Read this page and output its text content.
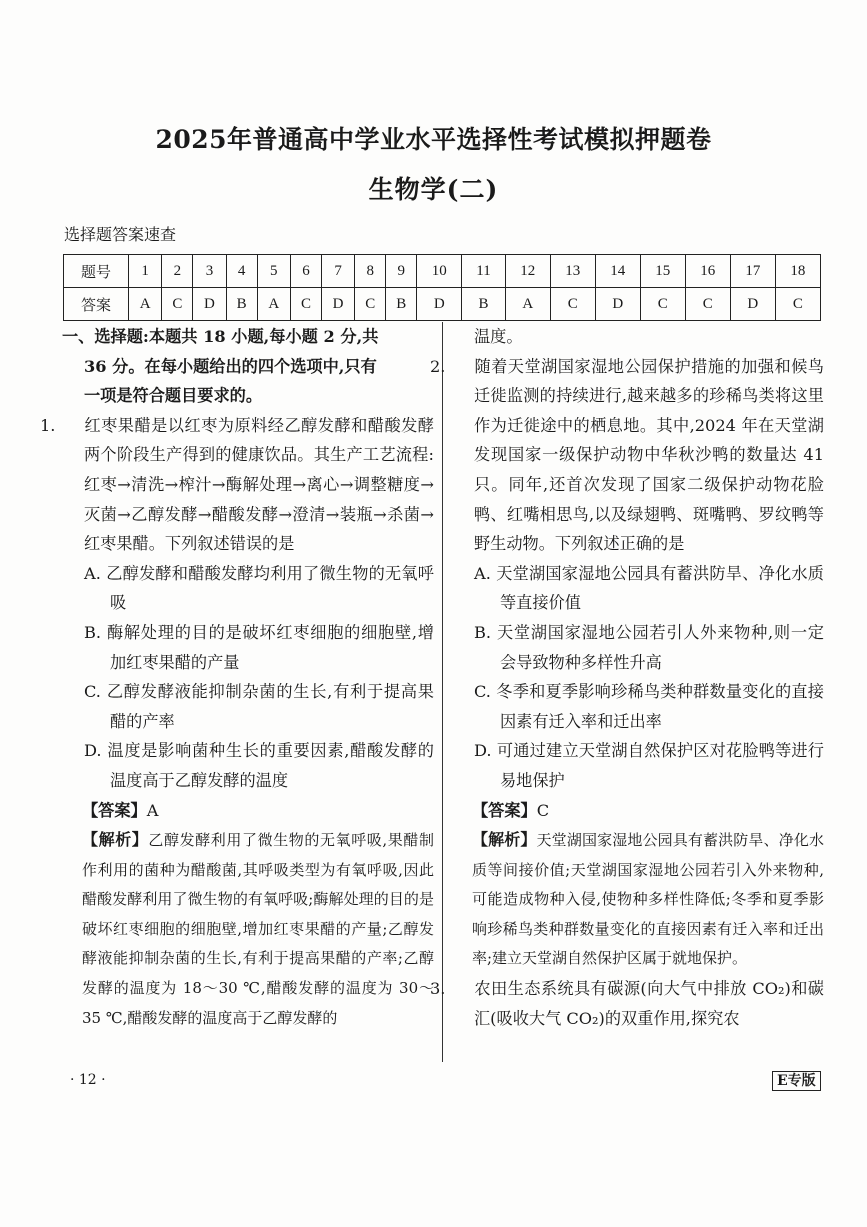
2025年普通高中学业水平选择性考试模拟押题卷
生物学(二)
选择题答案速查
题号	1	2	3	4	5	6	7	8	9	10	11	12	13	14	15	16	17	18
答案	A	C	D	B	A	C	D	C	B	D	B	A	C	D	C	C	D	C
一、选择题:本题共 18 小题,每小题 2 分,共
36 分。在每小题给出的四个选项中,只有
一项是符合题目要求的。
1. 红枣果醋是以红枣为原料经乙醇发酵和醋酸发酵两个阶段生产得到的健康饮品。其生产工艺流程:红枣→清洗→榨汁→酶解处理→离心→调整糖度→灭菌→乙醇发酵→醋酸发酵→澄清→装瓶→杀菌→红枣果醋。下列叙述错误的是
A. 乙醇发酵和醋酸发酵均利用了微生物的无氧呼吸
B. 酶解处理的目的是破坏红枣细胞的细胞壁,增加红枣果醋的产量
C. 乙醇发酵液能抑制杂菌的生长,有利于提高果醋的产率
D. 温度是影响菌种生长的重要因素,醋酸发酵的温度高于乙醇发酵的温度
【答案】A
【解析】乙醇发酵利用了微生物的无氧呼吸,果醋制作利用的菌种为醋酸菌,其呼吸类型为有氧呼吸,因此醋酸发酵利用了微生物的有氧呼吸;酶解处理的目的是破坏红枣细胞的细胞壁,增加红枣果醋的产量;乙醇发酵液能抑制杂菌的生长,有利于提高果醋的产率;乙醇发酵的温度为 18～30 ℃,醋酸发酵的温度为 30～35 ℃,醋酸发酵的温度高于乙醇发酵的
温度。
2. 随着天堂湖国家湿地公园保护措施的加强和候鸟迁徙监测的持续进行,越来越多的珍稀鸟类将这里作为迁徙途中的栖息地。其中,2024 年在天堂湖发现国家一级保护动物中华秋沙鸭的数量达 41 只。同年,还首次发现了国家二级保护动物花脸鸭、红嘴相思鸟,以及绿翅鸭、斑嘴鸭、罗纹鸭等野生动物。下列叙述正确的是
A. 天堂湖国家湿地公园具有蓄洪防旱、净化水质等直接价值
B. 天堂湖国家湿地公园若引人外来物种,则一定会导致物种多样性升高
C. 冬季和夏季影响珍稀鸟类种群数量变化的直接因素有迁入率和迁出率
D. 可通过建立天堂湖自然保护区对花脸鸭等进行易地保护
【答案】C
【解析】天堂湖国家湿地公园具有蓄洪防旱、净化水质等间接价值;天堂湖国家湿地公园若引入外来物种,可能造成物种入侵,使物种多样性降低;冬季和夏季影响珍稀鸟类种群数量变化的直接因素有迁入率和迁出率;建立天堂湖自然保护区属于就地保护。
3. 农田生态系统具有碳源(向大气中排放 CO₂)和碳汇(吸收大气 CO₂)的双重作用,探究农
· 12 ·	E专版
